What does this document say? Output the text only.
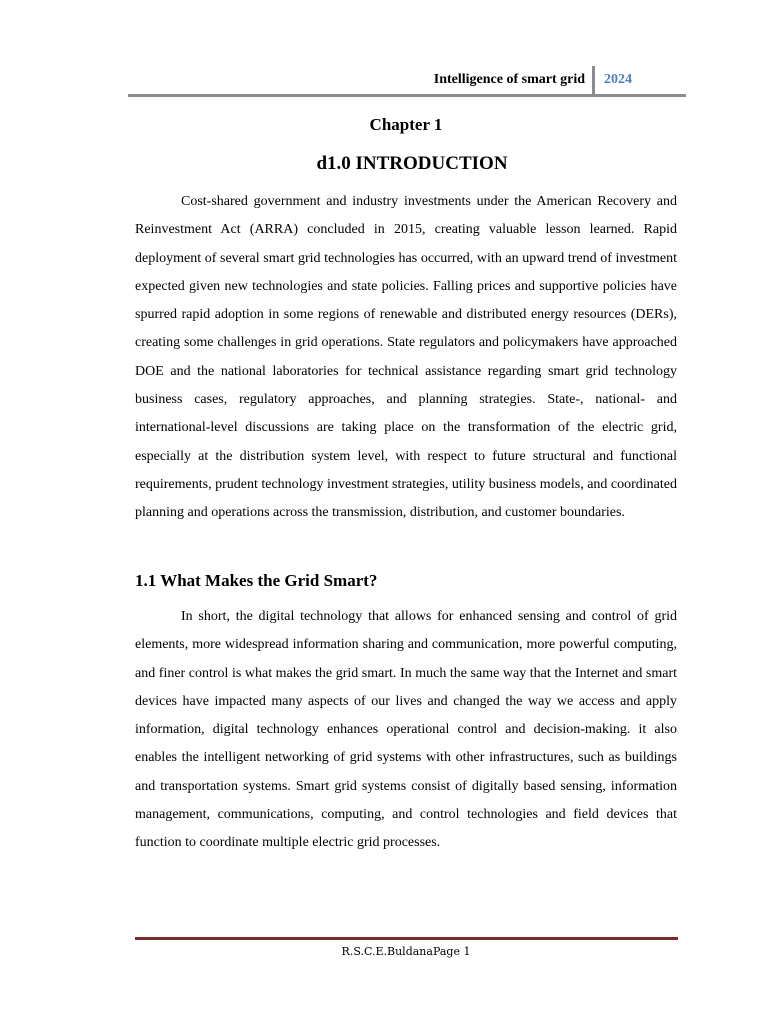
Intelligence of smart grid 2024
Chapter 1
d1.0 INTRODUCTION

Cost-shared government and industry investments under the American Recovery and Reinvestment Act (ARRA) concluded in 2015, creating valuable lesson learned. Rapid deployment of several smart grid technologies has occurred, with an upward trend of investment expected given new technologies and state policies. Falling prices and supportive policies have spurred rapid adoption in some regions of renewable and distributed energy resources (DERs), creating some challenges in grid operations. State regulators and policymakers have approached DOE and the national laboratories for technical assistance regarding smart grid technology business cases, regulatory approaches, and planning strategies. State-, national- and international-level discussions are taking place on the transformation of the electric grid, especially at the distribution system level, with respect to future structural and functional requirements, prudent technology investment strategies, utility business models, and coordinated planning and operations across the transmission, distribution, and customer boundaries.

1.1 What Makes the Grid Smart?

In short, the digital technology that allows for enhanced sensing and control of grid elements, more widespread information sharing and communication, more powerful computing, and finer control is what makes the grid smart. In much the same way that the Internet and smart devices have impacted many aspects of our lives and changed the way we access and apply information, digital technology enhances operational control and decision-making. it also enables the intelligent networking of grid systems with other infrastructures, such as buildings and transportation systems. Smart grid systems consist of digitally based sensing, information management, communications, computing, and control technologies and field devices that function to coordinate multiple electric grid processes.

R.S.C.E.BuldanaPage 1
